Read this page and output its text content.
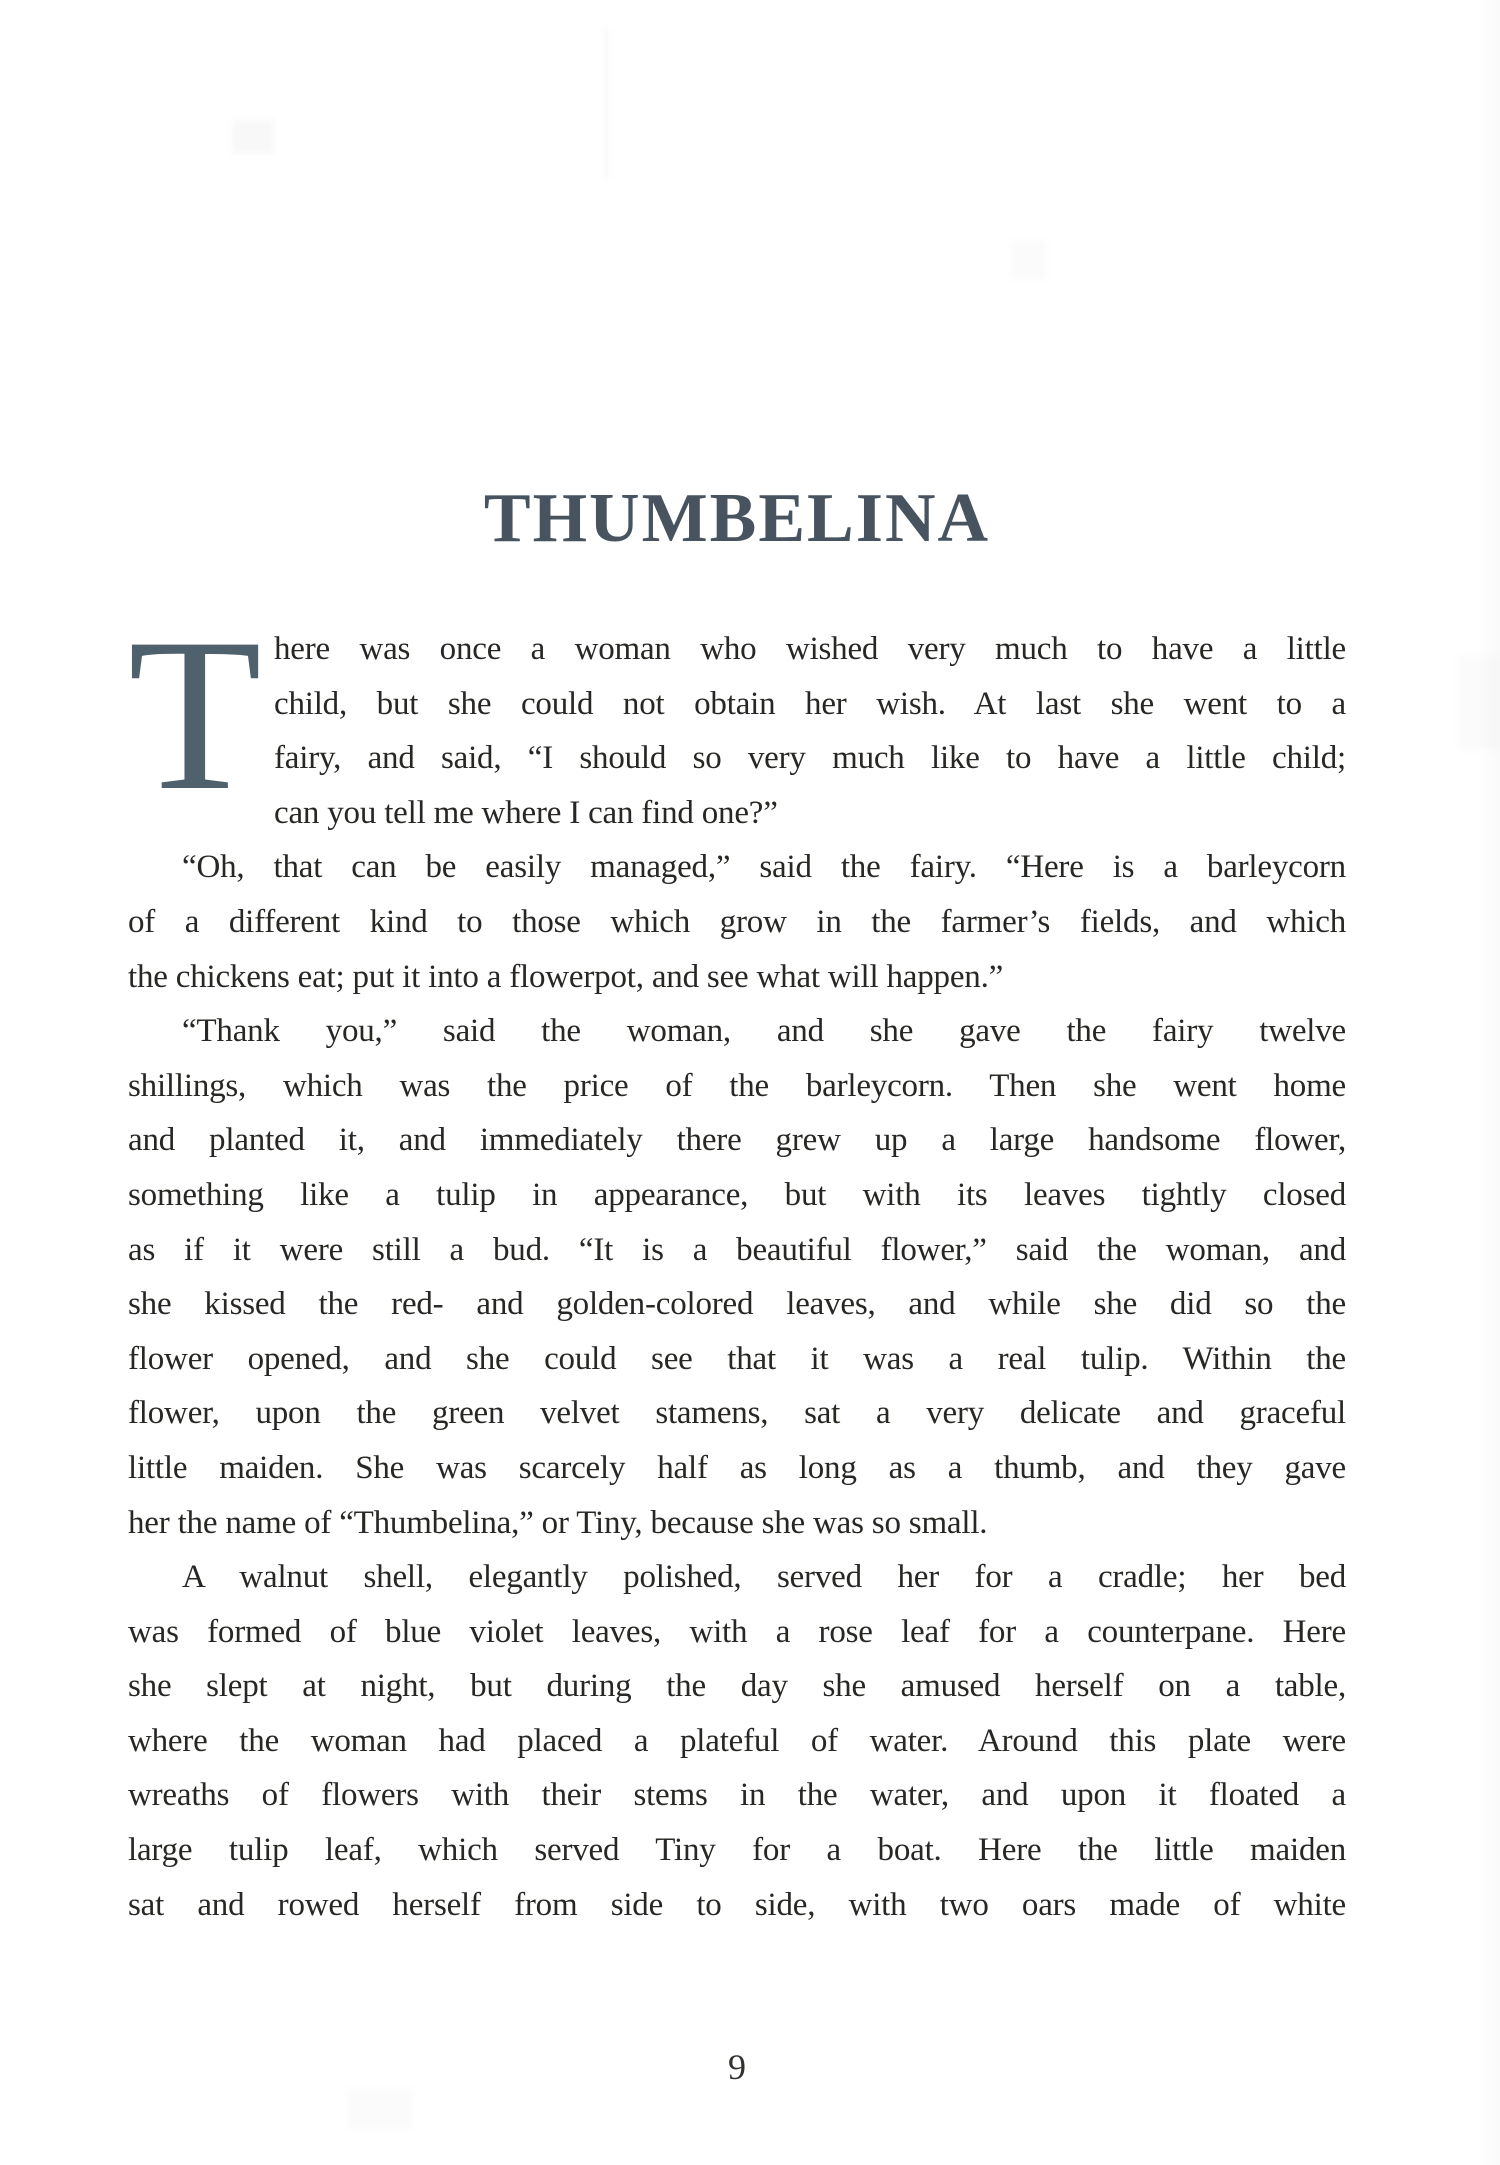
THUMBELINA
T here was once a woman who wished very much to have a little
child, but she could not obtain her wish. At last she went to a
fairy, and said, “I should so very much like to have a little child;
can you tell me where I can find one?”
“Oh, that can be easily managed,” said the fairy. “Here is a barleycorn
of a different kind to those which grow in the farmer’s fields, and which
the chickens eat; put it into a flowerpot, and see what will happen.”
“Thank you,” said the woman, and she gave the fairy twelve
shillings, which was the price of the barleycorn. Then she went home
and planted it, and immediately there grew up a large handsome flower,
something like a tulip in appearance, but with its leaves tightly closed
as if it were still a bud. “It is a beautiful flower,” said the woman, and
she kissed the red- and golden-colored leaves, and while she did so the
flower opened, and she could see that it was a real tulip. Within the
flower, upon the green velvet stamens, sat a very delicate and graceful
little maiden. She was scarcely half as long as a thumb, and they gave
her the name of “Thumbelina,” or Tiny, because she was so small.
A walnut shell, elegantly polished, served her for a cradle; her bed
was formed of blue violet leaves, with a rose leaf for a counterpane. Here
she slept at night, but during the day she amused herself on a table,
where the woman had placed a plateful of water. Around this plate were
wreaths of flowers with their stems in the water, and upon it floated a
large tulip leaf, which served Tiny for a boat. Here the little maiden
sat and rowed herself from side to side, with two oars made of white
9
